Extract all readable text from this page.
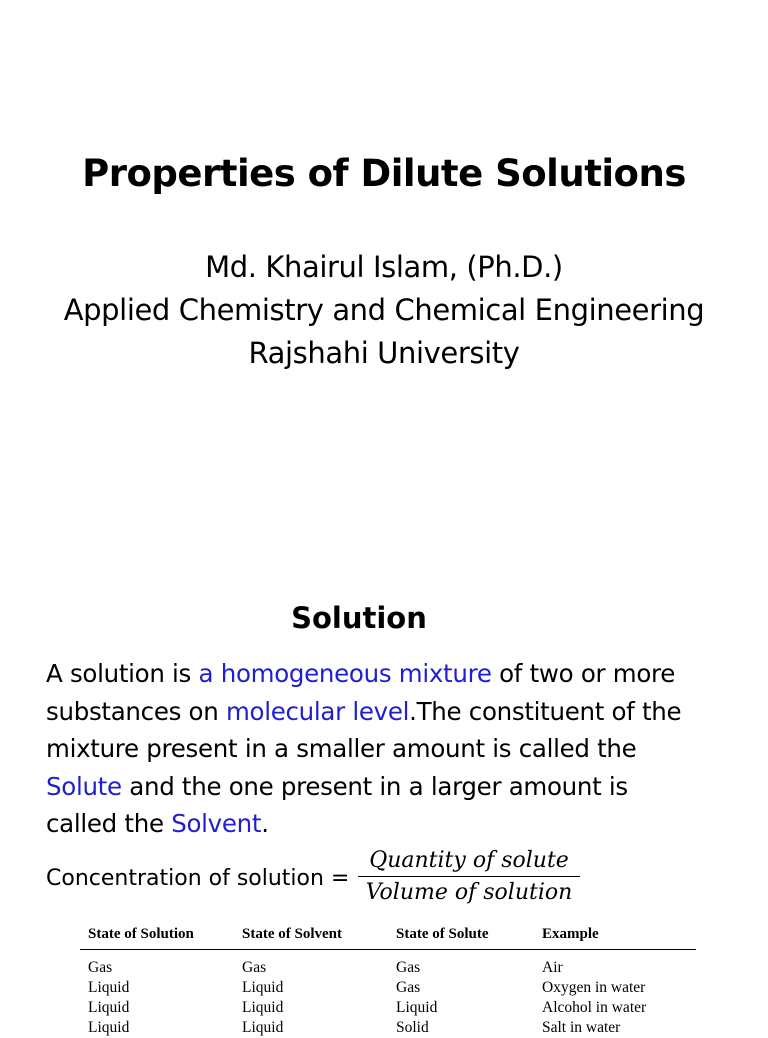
Properties of Dilute Solutions
Md. Khairul Islam, (Ph.D.)
Applied Chemistry and Chemical Engineering
Rajshahi University
Solution
A solution is a homogeneous mixture of two or more
substances on molecular level.The constituent of the
mixture present in a smaller amount is called the
Solute and the one present in a larger amount is
called the Solvent.
Concentration of solution =
Quantity of solute
Volume of solution
State of Solution	State of Solvent	State of Solute	Example
Gas	Gas	Gas	Air
Liquid	Liquid	Gas	Oxygen in water
Liquid	Liquid	Liquid	Alcohol in water
Liquid	Liquid	Solid	Salt in water
